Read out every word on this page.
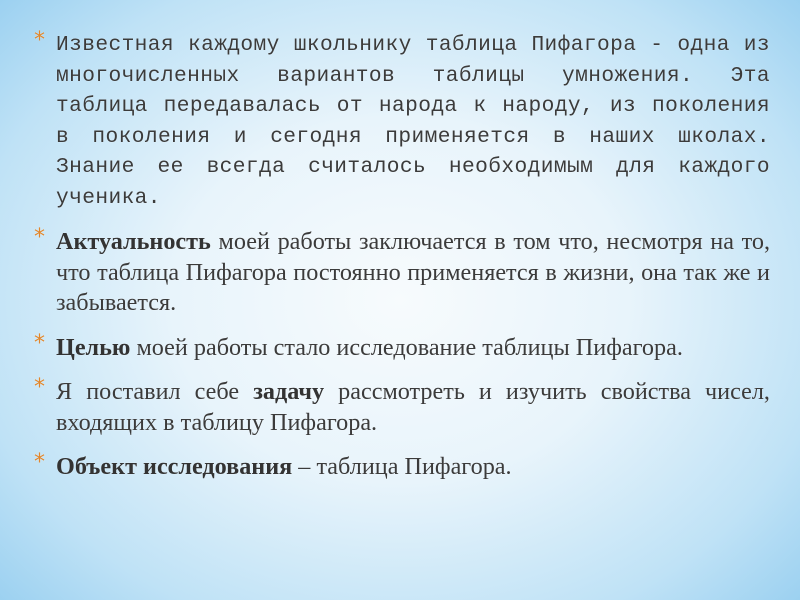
* Известная каждому школьнику таблица Пифагора - одна из многочисленных вариантов таблицы умножения. Эта таблица передавалась от народа к народу, из поколения в поколения и сегодня применяется в наших школах. Знание ее всегда считалось необходимым для каждого ученика.

* Актуальность моей работы заключается в том что, несмотря на то, что таблица Пифагора постоянно применяется в жизни, она так же и забывается.

* Целью моей работы стало исследование таблицы Пифагора.

* Я поставил себе задачу рассмотреть и изучить свойства чисел, входящих в таблицу Пифагора.

* Объект исследования – таблица Пифагора.
